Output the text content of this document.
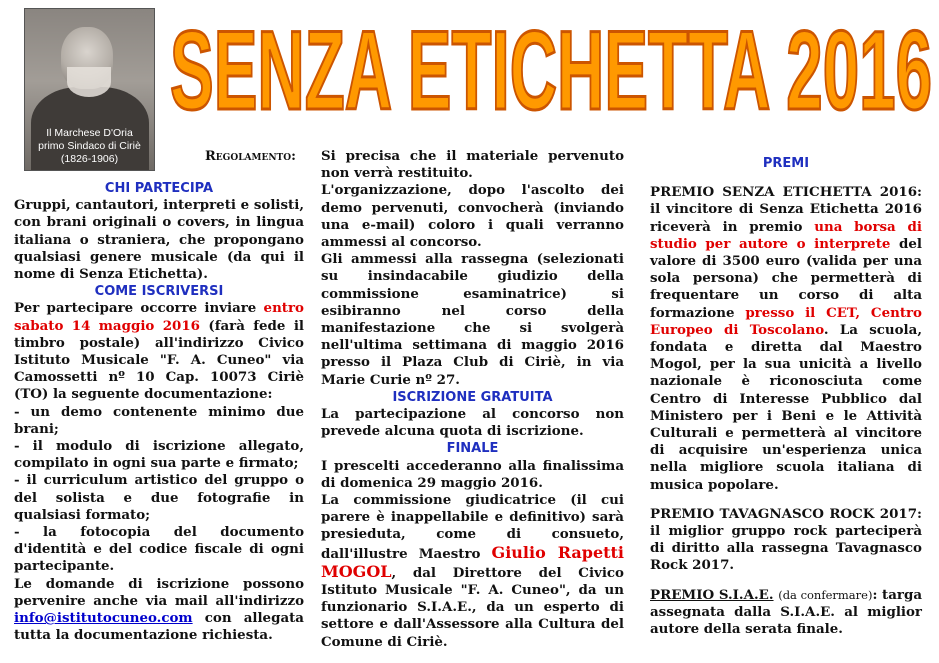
Il Marchese D'Oria
primo Sindaco di Ciriè
(1826-1906)
SENZA ETICHETTA 2016
Regolamento:

CHI PARTECIPA

Gruppi, cantautori, interpreti e solisti, con brani originali o covers, in lingua italiana o straniera, che propongano qualsiasi genere musicale (da qui il nome di Senza Etichetta).

COME ISCRIVERSI

Per partecipare occorre inviare entro sabato 14 maggio 2016 (farà fede il timbro postale) all'indirizzo Civico Istituto Musicale "F. A. Cuneo" via Camossetti nº 10 Cap. 10073 Ciriè (TO) la seguente documentazione:

- un demo contenente minimo due brani;

- il modulo di iscrizione allegato, compilato in ogni sua parte e firmato;

- il curriculum artistico del gruppo o del solista e due fotografie in qualsiasi formato;

- la fotocopia del documento d'identità e del codice fiscale di ogni partecipante.

Le domande di iscrizione possono pervenire anche via mail all'indirizzo info@istitutocuneo.com con allegata tutta la documentazione richiesta.

Si precisa che il materiale pervenuto non verrà restituito.

L'organizzazione, dopo l'ascolto dei demo pervenuti, convocherà (inviando una e-mail) coloro i quali verranno ammessi al concorso.

Gli ammessi alla rassegna (selezionati su insindacabile giudizio della commissione esaminatrice) si esibiranno nel corso della manifestazione che si svolgerà nell'ultima settimana di maggio 2016 presso il Plaza Club di Ciriè, in via Marie Curie nº 27.

ISCRIZIONE GRATUITA

La partecipazione al concorso non prevede alcuna quota di iscrizione.

FINALE

I prescelti accederanno alla finalissima di domenica 29 maggio 2016.

La commissione giudicatrice (il cui parere è inappellabile e definitivo) sarà presieduta, come di consueto, dall'illustre Maestro Giulio Rapetti MOGOL, dal Direttore del Civico Istituto Musicale "F. A. Cuneo", da un funzionario S.I.A.E., da un esperto di settore e dall'Assessore alla Cultura del Comune di Ciriè.

PREMI

PREMIO SENZA ETICHETTA 2016: il vincitore di Senza Etichetta 2016 riceverà in premio una borsa di studio per autore o interprete del valore di 3500 euro (valida per una sola persona) che permetterà di frequentare un corso di alta formazione presso il CET, Centro Europeo di Toscolano. La scuola, fondata e diretta dal Maestro Mogol, per la sua unicità a livello nazionale è riconosciuta come Centro di Interesse Pubblico dal Ministero per i Beni e le Attività Culturali e permetterà al vincitore di acquisire un'esperienza unica nella migliore scuola italiana di musica popolare.

PREMIO TAVAGNASCO ROCK 2017: il miglior gruppo rock parteciperà di diritto alla rassegna Tavagnasco Rock 2017.

PREMIO S.I.A.E. (da confermare): targa assegnata dalla S.I.A.E. al miglior autore della serata finale.
